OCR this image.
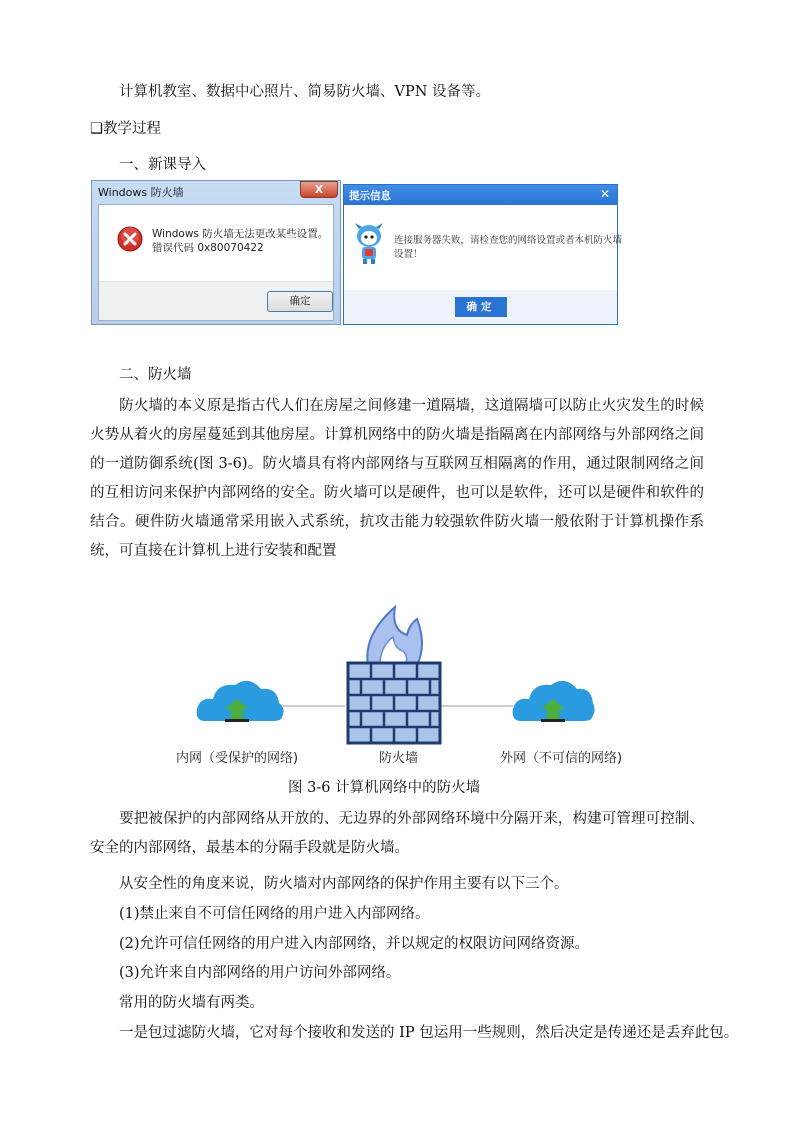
计算机教室、数据中心照片、简易防火墙、VPN 设备等。
❑教学过程
一、新课导入
Windows 防火墙	X
Windows 防火墙无法更改某些设置。
错误代码 0x80070422
确定
提示信息	✕
连接服务器失败，请检查您的网络设置或者本机防火墙
设置！
确定
二、防火墙
防火墙的本义原是指古代人们在房屋之间修建一道隔墙，这道隔墙可以防止火灾发生的时候火势从着火的房屋蔓延到其他房屋。计算机网络中的防火墙是指隔离在内部网络与外部网络之间的一道防御系统(图 3-6)。防火墙具有将内部网络与互联网互相隔离的作用，通过限制网络之间的互相访问来保护内部网络的安全。防火墙可以是硬件，也可以是软件，还可以是硬件和软件的结合。硬件防火墙通常采用嵌入式系统，抗攻击能力较强软件防火墙一般依附于计算机操作系统，可直接在计算机上进行安装和配置
内网（受保护的网络)	防火墙	外网（不可信的网络)
图 3-6 计算机网络中的防火墙
要把被保护的内部网络从开放的、无边界的外部网络环境中分隔开来，构建可管理可控制、安全的内部网络，最基本的分隔手段就是防火墙。
从安全性的角度来说，防火墙对内部网络的保护作用主要有以下三个。
(1)禁止来自不可信任网络的用户进入内部网络。
(2)允许可信任网络的用户进入内部网络，并以规定的权限访问网络资源。
(3)允许来自内部网络的用户访问外部网络。
常用的防火墙有两类。
一是包过滤防火墙，它对每个接收和发送的 IP 包运用一些规则，然后决定是传递还是丢弃此包。
